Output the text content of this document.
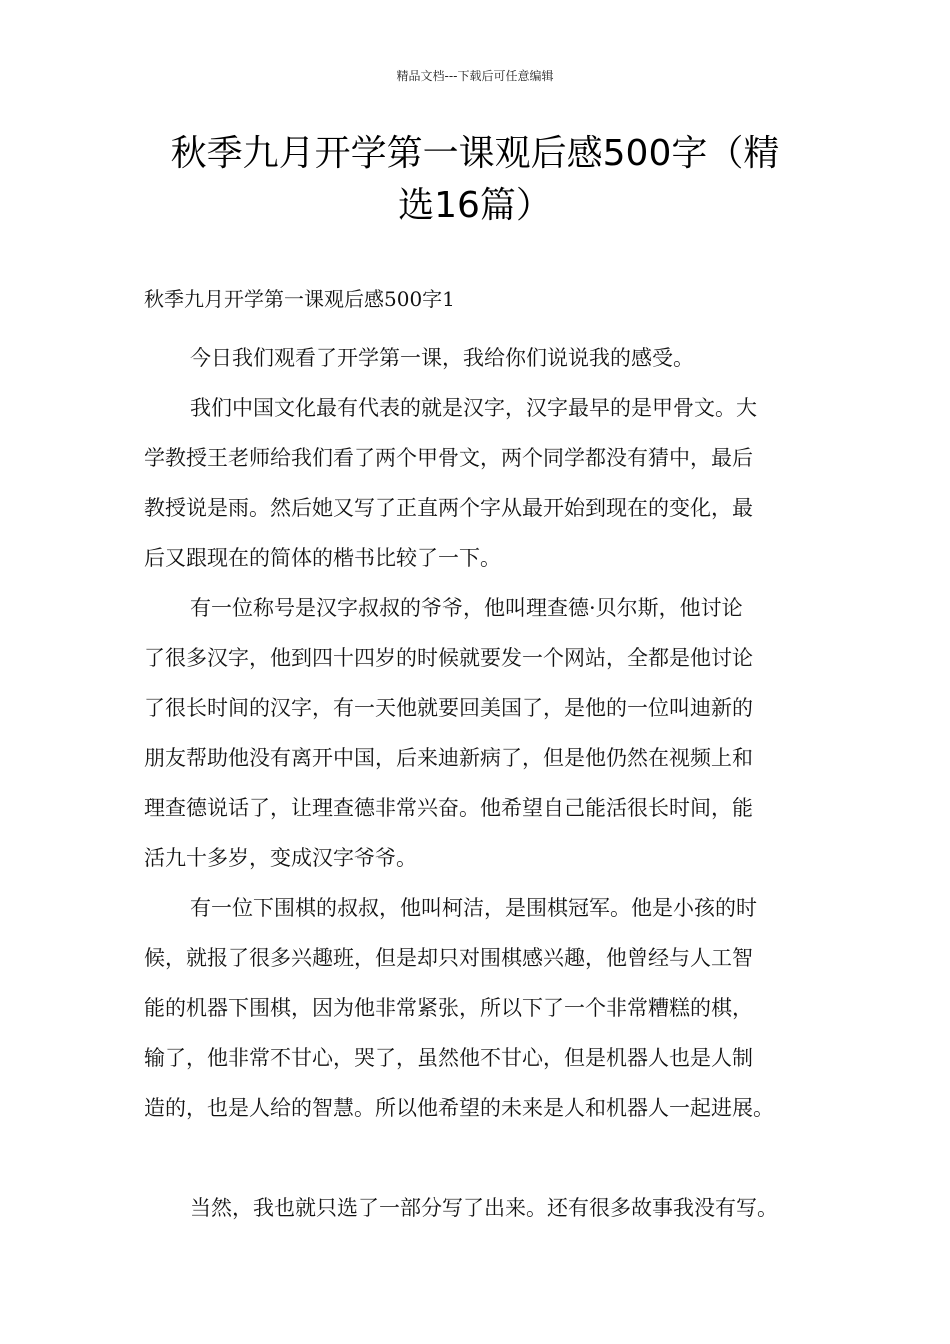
精品文档---下载后可任意编辑
秋季九月开学第一课观后感500字（精
选16篇）
秋季九月开学第一课观后感500字1

今日我们观看了开学第一课，我给你们说说我的感受。

我们中国文化最有代表的就是汉字，汉字最早的是甲骨文。大
学教授王老师给我们看了两个甲骨文，两个同学都没有猜中，最后
教授说是雨。然后她又写了正直两个字从最开始到现在的变化，最
后又跟现在的简体的楷书比较了一下。

有一位称号是汉字叔叔的爷爷，他叫理查德·贝尔斯，他讨论
了很多汉字，他到四十四岁的时候就要发一个网站，全都是他讨论
了很长时间的汉字，有一天他就要回美国了，是他的一位叫迪新的
朋友帮助他没有离开中国，后来迪新病了，但是他仍然在视频上和
理查德说话了，让理查德非常兴奋。他希望自己能活很长时间，能
活九十多岁，变成汉字爷爷。

有一位下围棋的叔叔，他叫柯洁，是围棋冠军。他是小孩的时
候，就报了很多兴趣班，但是却只对围棋感兴趣，他曾经与人工智
能的机器下围棋，因为他非常紧张，所以下了一个非常糟糕的棋，
输了，他非常不甘心，哭了，虽然他不甘心，但是机器人也是人制
造的，也是人给的智慧。所以他希望的未来是人和机器人一起进展。

当然，我也就只选了一部分写了出来。还有很多故事我没有写。
